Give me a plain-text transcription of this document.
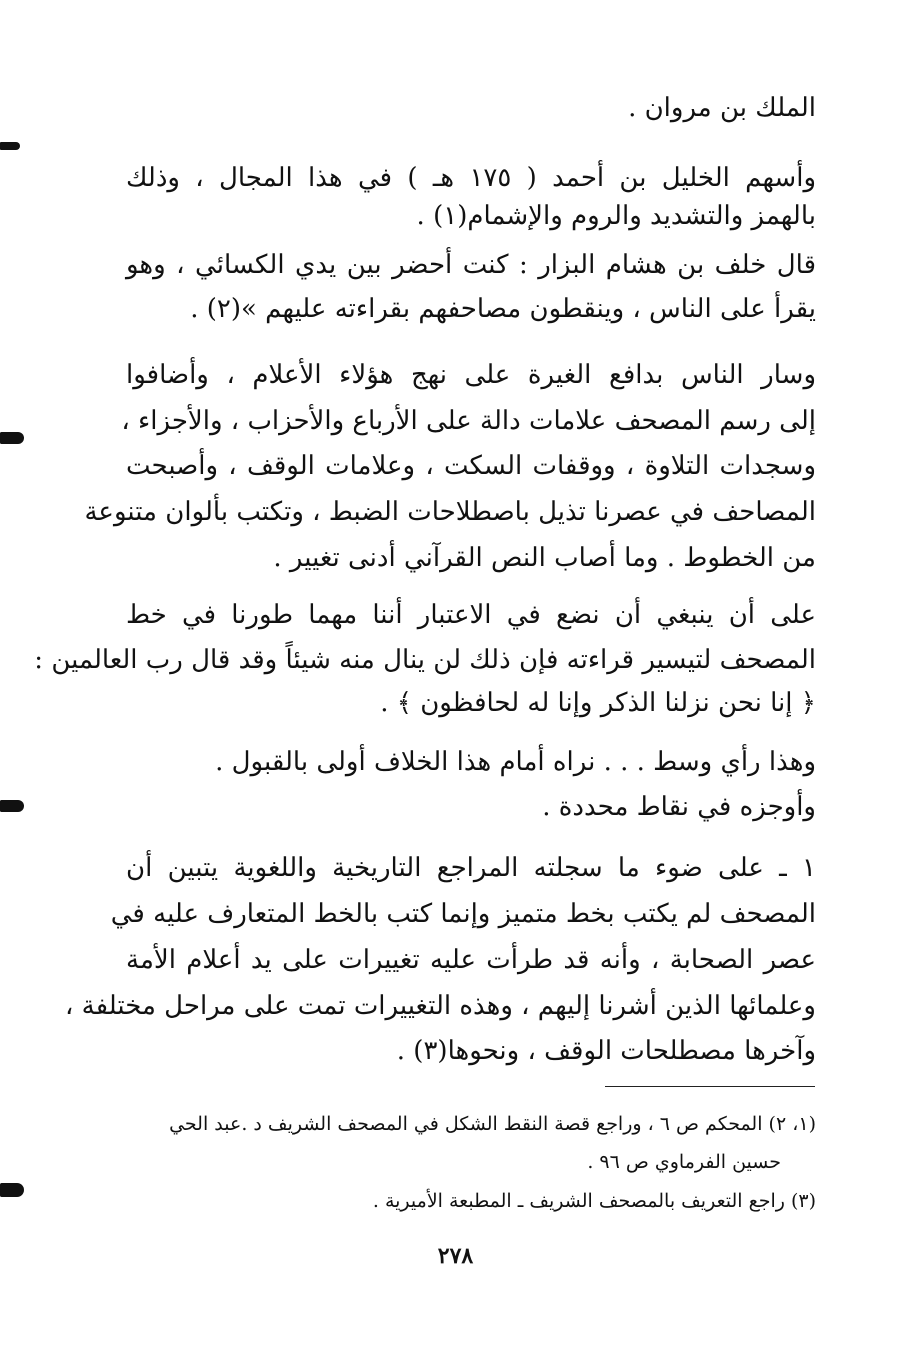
الملك بن مروان .
وأسهم الخليل بن أحمد ( ١٧٥ هـ ) في هذا المجال ، وذلك
بالهمز والتشديد والروم والإشمام(١) .
قال خلف بن هشام البزار : كنت أحضر بين يدي الكسائي ، وهو
يقرأ على الناس ، وينقطون مصاحفهم بقراءته عليهم »(٢) .
وسار الناس بدافع الغيرة على نهج هؤلاء الأعلام ، وأضافوا
إلى رسم المصحف علامات دالة على الأرباع والأحزاب ، والأجزاء ،
وسجدات التلاوة ، ووقفات السكت ، وعلامات الوقف ، وأصبحت
المصاحف في عصرنا تذيل باصطلاحات الضبط ، وتكتب بألوان متنوعة
من الخطوط . وما أصاب النص القرآني أدنى تغيير .
على أن ينبغي أن نضع في الاعتبار أننا مهما طورنا في خط
المصحف لتيسير قراءته فإن ذلك لن ينال منه شيئاً وقد قال رب العالمين :
﴿ إنا نحن نزلنا الذكر وإنا له لحافظون ﴾ .
وهذا رأي وسط . . . نراه أمام هذا الخلاف أولى بالقبول .
وأوجزه في نقاط محددة .
١ ـ على ضوء ما سجلته المراجع التاريخية واللغوية يتبين أن
المصحف لم يكتب بخط متميز وإنما كتب بالخط المتعارف عليه في
عصر الصحابة ، وأنه قد طرأت عليه تغييرات على يد أعلام الأمة
وعلمائها الذين أشرنا إليهم ، وهذه التغييرات تمت على مراحل مختلفة ،
وآخرها مصطلحات الوقف ، ونحوها(٣) .
(١، ٢) المحكم ص ٦ ، وراجع قصة النقط الشكل في المصحف الشريف د .عبد الحي
حسين الفرماوي ص ٩٦ .
(٣) راجع التعريف بالمصحف الشريف ـ المطبعة الأميرية .
٢٧٨
